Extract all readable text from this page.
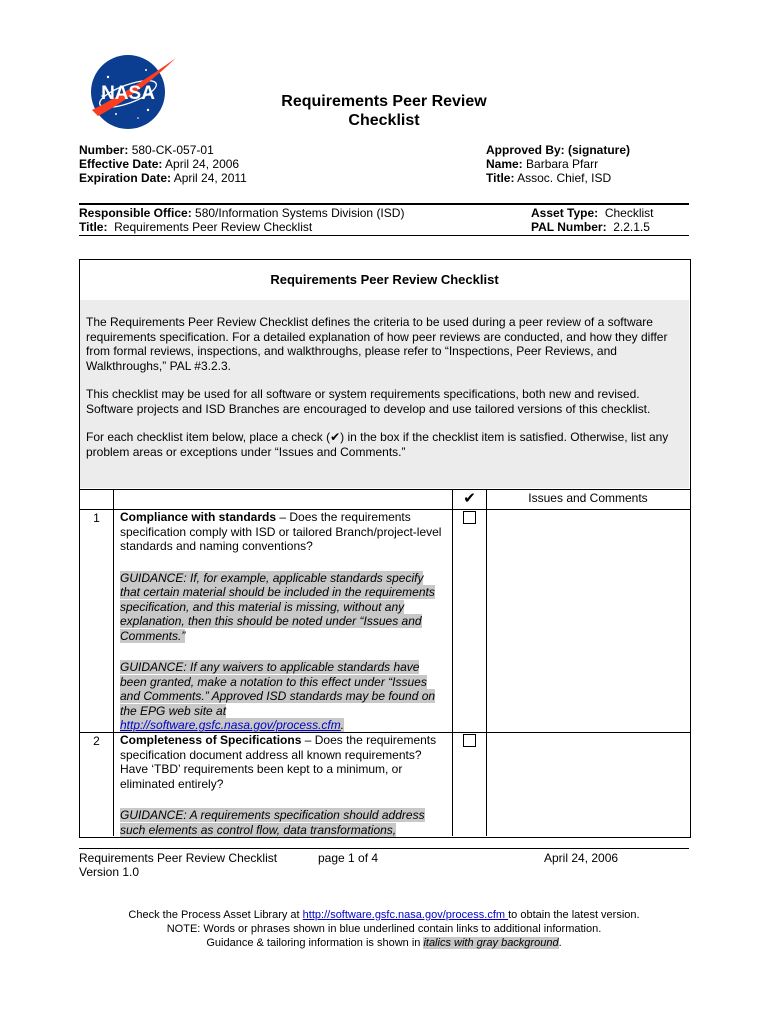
NASA	Requirements Peer Review
Checklist
Number: 580-CK-057-01
Effective Date: April 24, 2006
Expiration Date: April 24, 2011
Approved By: (signature)
Name: Barbara Pfarr
Title: Assoc. Chief, ISD
Responsible Office: 580/Information Systems Division (ISD)
Title: Requirements Peer Review Checklist
Asset Type: Checklist
PAL Number: 2.2.1.5
Requirements Peer Review Checklist

The Requirements Peer Review Checklist defines the criteria to be used during a peer review of a software requirements specification. For a detailed explanation of how peer reviews are conducted, and how they differ from formal reviews, inspections, and walkthroughs, please refer to “Inspections, Peer Reviews, and Walkthroughs,” PAL #3.2.3.

This checklist may be used for all software or system requirements specifications, both new and revised. Software projects and ISD Branches are encouraged to develop and use tailored versions of this checklist.

For each checklist item below, place a check (✔) in the box if the checklist item is satisfied. Otherwise, list any problem areas or exceptions under “Issues and Comments.”

✔	Issues and Comments
1	Compliance with standards – Does the requirements specification comply with ISD or tailored Branch/project-level standards and naming conventions?

GUIDANCE: If, for example, applicable standards specify that certain material should be included in the requirements specification, and this material is missing, without any explanation, then this should be noted under “Issues and Comments.”

GUIDANCE: If any waivers to applicable standards have been granted, make a notation to this effect under “Issues and Comments.” Approved ISD standards may be found on the EPG web site at http://software.gsfc.nasa.gov/process.cfm.

2	Completeness of Specifications – Does the requirements specification document address all known requirements? Have ‘TBD’ requirements been kept to a minimum, or eliminated entirely?

GUIDANCE: A requirements specification should address such elements as control flow, data transformations,

Requirements Peer Review Checklist	page 1 of 4	April 24, 2006
Version 1.0
Check the Process Asset Library at http://software.gsfc.nasa.gov/process.cfm to obtain the latest version.
NOTE: Words or phrases shown in blue underlined contain links to additional information.
Guidance & tailoring information is shown in italics with gray background.
